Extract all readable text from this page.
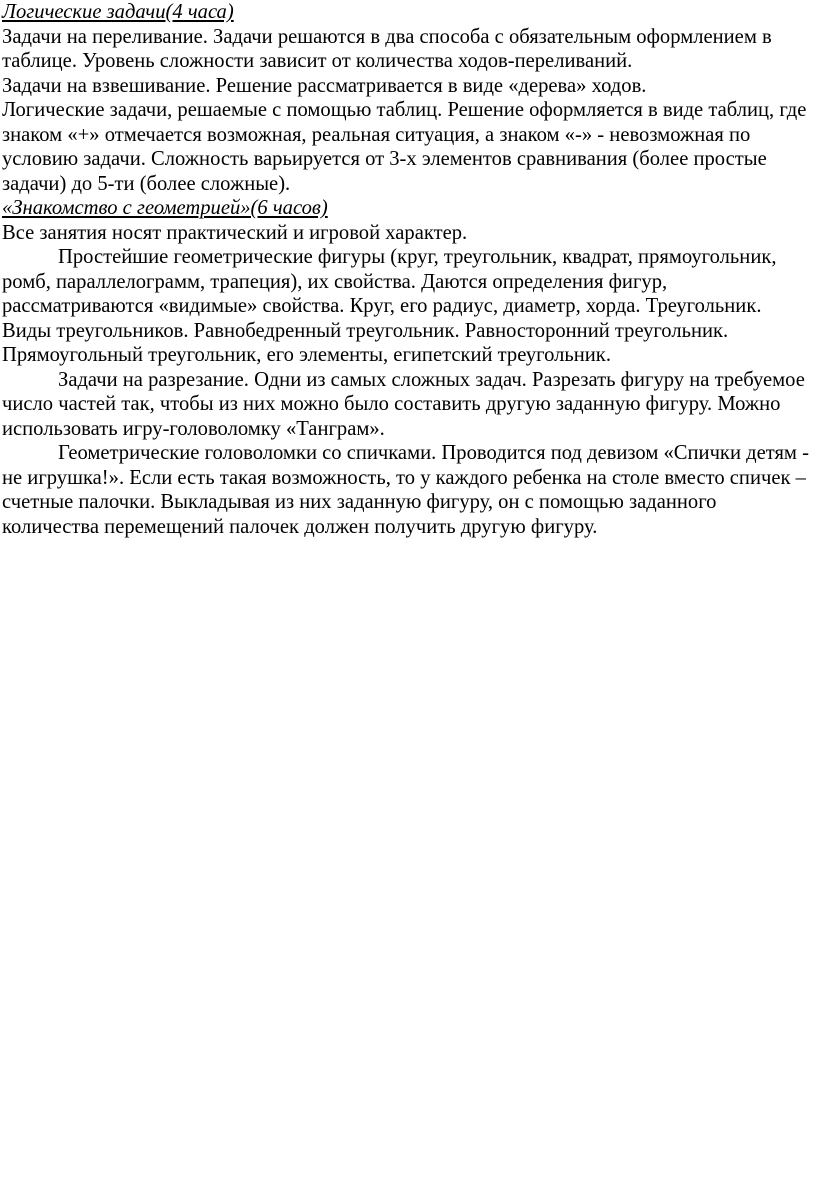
Логические задачи(4 часа)

Задачи на переливание. Задачи решаются в два способа с обязательным оформлением в таблице. Уровень сложности зависит от количества ходов-переливаний.

Задачи на взвешивание. Решение рассматривается в виде «дерева» ходов.

Логические задачи, решаемые с помощью таблиц. Решение оформляется в виде таблиц, где знаком «+» отмечается возможная, реальная ситуация, а знаком «-» - невозможная по условию задачи. Сложность варьируется от 3-х элементов сравнивания (более простые задачи) до 5-ти (более сложные).

«Знакомство с геометрией»(6 часов)

Все занятия носят практический и игровой характер.

Простейшие геометрические фигуры (круг, треугольник, квадрат, прямоугольник, ромб, параллелограмм, трапеция), их свойства. Даются определения фигур, рассматриваются «видимые» свойства. Круг, его радиус, диаметр, хорда. Треугольник. Виды треугольников. Равнобедренный треугольник. Равносторонний треугольник. Прямоугольный треугольник, его элементы, египетский треугольник.

Задачи на разрезание. Одни из самых сложных задач. Разрезать фигуру на требуемое число частей так, чтобы из них можно было составить другую заданную фигуру. Можно использовать игру-головоломку «Танграм».

Геометрические головоломки со спичками. Проводится под девизом «Спички детям - не игрушка!». Если есть такая возможность, то у каждого ребенка на столе вместо спичек – счетные палочки. Выкладывая из них заданную фигуру, он с помощью заданного количества перемещений палочек должен получить другую фигуру.
